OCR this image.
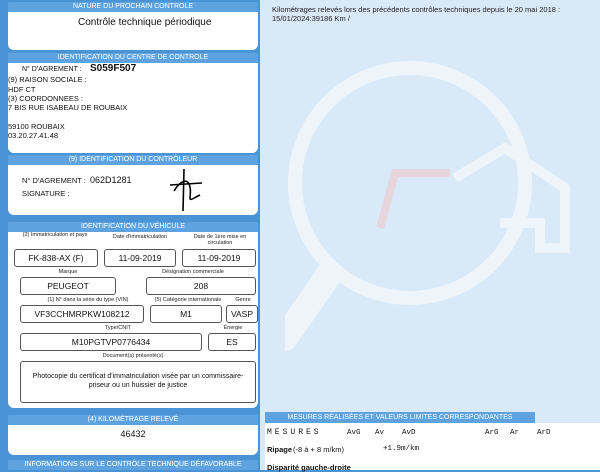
NATURE DU PROCHAIN CONTROLE
Contrôle technique périodique
IDENTIFICATION DU CENTRE DE CONTROLE
N° D'AGREMENT : S059F507
(9) RAISON SOCIALE :
HDF CT
(3) COORDONNEES :
7 BIS RUE ISABEAU DE ROUBAIX
59100 ROUBAIX
03.20.27.41.48
(9) IDENTIFICATION DU CONTRÔLEUR
N° D'AGREMENT : 062D1281
SIGNATURE :
IDENTIFICATION DU VÉHICULE
(2) Immatriculation et pays	Date d'immatriculation	Date de 1ère mise en circulation
FK-838-AX (F)	11-09-2019	11-09-2019
Marque	Désignation commerciale
PEUGEOT	208
(1) N° dans la série du type (VIN)	(5) Catégorie internationale	Genre
VF3CCHMRPKW108212	M1	VASP
Type/CNIT	Énergie
M10PGTVP0776434	ES
Document(s) présenté(s)
Photocopie du certificat d'immatriculation visée par un commissaire-priseur ou un huissier de justice
(4) KILOMÉTRAGE RELEVÉ
46432
INFORMATIONS SUR LE CONTRÔLE TECHNIQUE DÉFAVORABLE
Kilométrages relevés lors des précédents contrôles techniques depuis le 20 mai 2018 : 15/01/2024:39186 Km /
MESURES RÉALISÉES ET VALEURS LIMITES CORRESPONDANTES
MESURES	AvG Av AvD	ArG Ar ArD
Ripage (-8 à + 8 m/km)	+1.9m/km
Disparité gauche-droite
